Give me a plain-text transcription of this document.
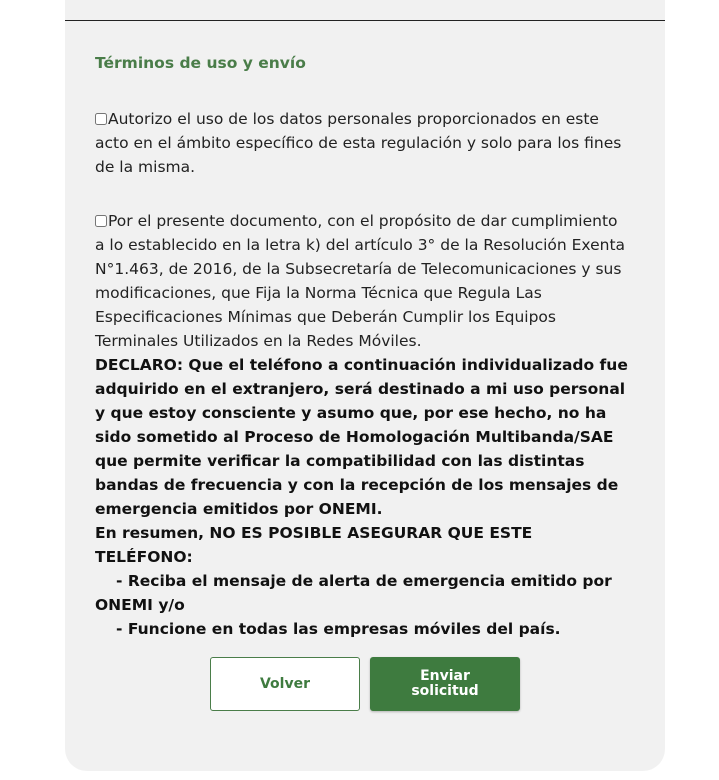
Términos de uso y envío

Autorizo el uso de los datos personales proporcionados en este acto en el ámbito específico de esta regulación y solo para los fines de la misma.

Por el presente documento, con el propósito de dar cumplimiento a lo establecido en la letra k) del artículo 3° de la Resolución Exenta N°1.463, de 2016, de la Subsecretaría de Telecomunicaciones y sus modificaciones, que Fija la Norma Técnica que Regula Las Especificaciones Mínimas que Deberán Cumplir los Equipos Terminales Utilizados en la Redes Móviles.

DECLARO: Que el teléfono a continuación individualizado fue adquirido en el extranjero, será destinado a mi uso personal y que estoy consciente y asumo que, por ese hecho, no ha sido sometido al Proceso de Homologación Multibanda/SAE que permite verificar la compatibilidad con las distintas bandas de frecuencia y con la recepción de los mensajes de emergencia emitidos por ONEMI.

En resumen, NO ES POSIBLE ASEGURAR QUE ESTE TELÉFONO:
- Reciba el mensaje de alerta de emergencia emitido por ONEMI y/o
- Funcione en todas las empresas móviles del país.

Volver	Enviar solicitud
